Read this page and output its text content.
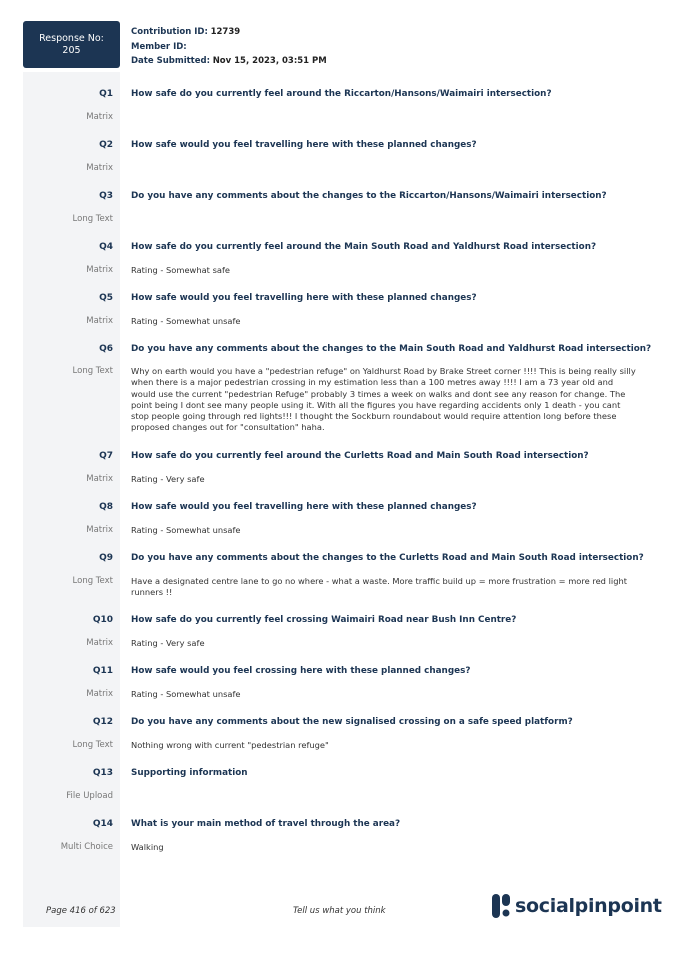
Response No:
205
Contribution ID: 12739
Member ID:
Date Submitted: Nov 15, 2023, 03:51 PM
Q1 How safe do you currently feel around the Riccarton/Hansons/Waimairi intersection?
Matrix
Q2 How safe would you feel travelling here with these planned changes?
Matrix
Q3 Do you have any comments about the changes to the Riccarton/Hansons/Waimairi intersection?
Long Text
Q4 How safe do you currently feel around the Main South Road and Yaldhurst Road intersection?
Matrix Rating - Somewhat safe
Q5 How safe would you feel travelling here with these planned changes?
Matrix Rating - Somewhat unsafe
Q6 Do you have any comments about the changes to the Main South Road and Yaldhurst Road intersection?
Long Text Why on earth would you have a "pedestrian refuge" on Yaldhurst Road by Brake Street corner !!!! This is being really silly when there is a major pedestrian crossing in my estimation less than a 100 metres away !!!! I am a 73 year old and would use the current "pedestrian Refuge" probably 3 times a week on walks and dont see any reason for change. The point being I dont see many people using it. With all the figures you have regarding accidents only 1 death - you cant stop people going through red lights!!! I thought the Sockburn roundabout would require attention long before these proposed changes out for "consultation" haha.
Q7 How safe do you currently feel around the Curletts Road and Main South Road intersection?
Matrix Rating - Very safe
Q8 How safe would you feel travelling here with these planned changes?
Matrix Rating - Somewhat unsafe
Q9 Do you have any comments about the changes to the Curletts Road and Main South Road intersection?
Long Text Have a designated centre lane to go no where - what a waste. More traffic build up = more frustration = more red light runners !!
Q10 How safe do you currently feel crossing Waimairi Road near Bush Inn Centre?
Matrix Rating - Very safe
Q11 How safe would you feel crossing here with these planned changes?
Matrix Rating - Somewhat unsafe
Q12 Do you have any comments about the new signalised crossing on a safe speed platform?
Long Text Nothing wrong with current "pedestrian refuge"
Q13 Supporting information
File Upload
Q14 What is your main method of travel through the area?
Multi Choice Walking
Page 416 of 623	Tell us what you think	socialpinpoint
